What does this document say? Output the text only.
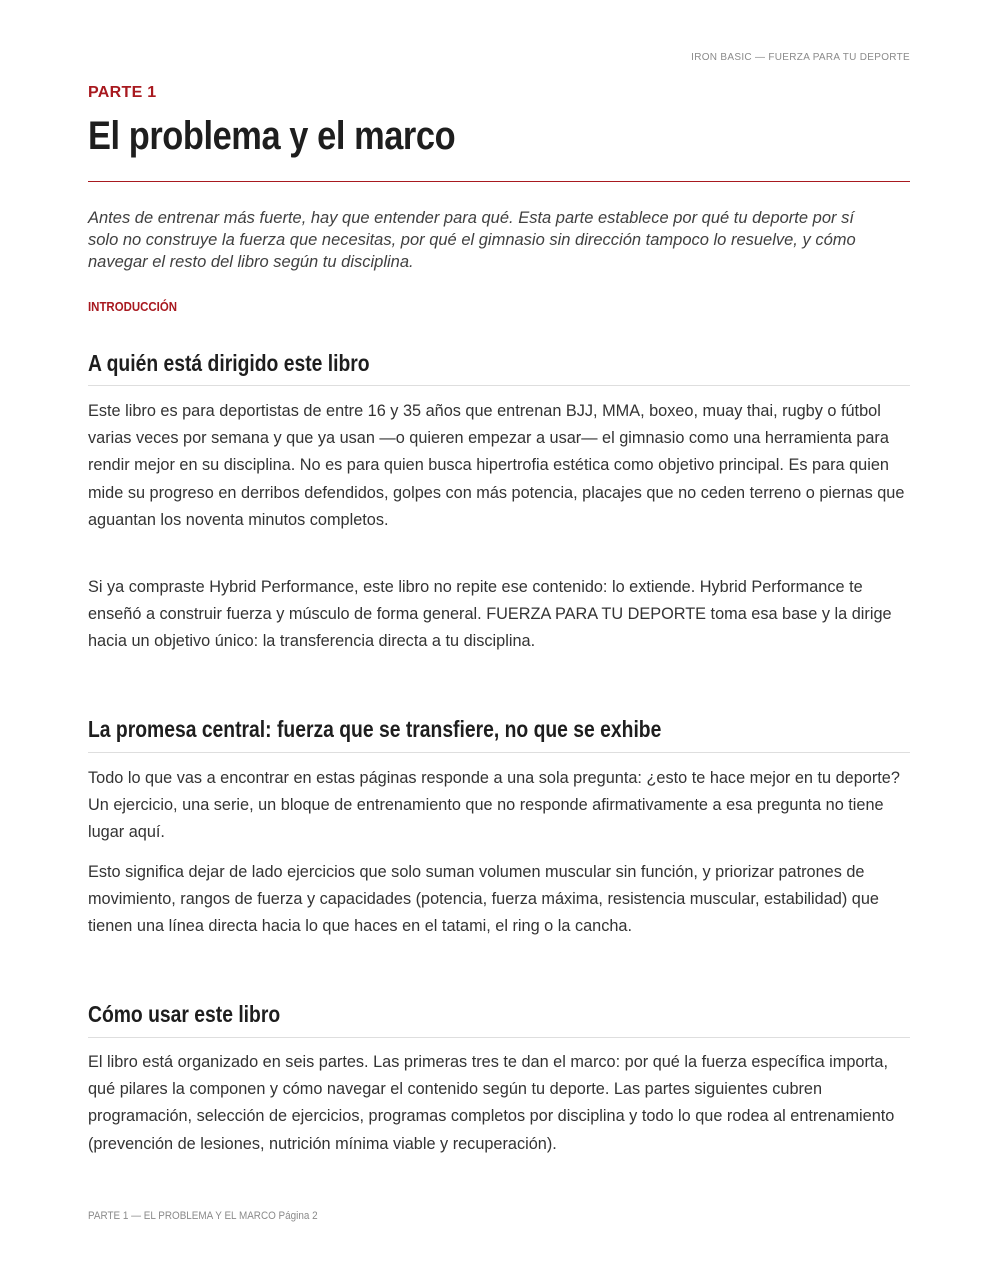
IRON BASIC — FUERZA PARA TU DEPORTE
PARTE 1
El problema y el marco

Antes de entrenar más fuerte, hay que entender para qué. Esta parte establece por qué tu deporte por sí solo no construye la fuerza que necesitas, por qué el gimnasio sin dirección tampoco lo resuelve, y cómo navegar el resto del libro según tu disciplina.

INTRODUCCIÓN
A quién está dirigido este libro

Este libro es para deportistas de entre 16 y 35 años que entrenan BJJ, MMA, boxeo, muay thai, rugby o fútbol varias veces por semana y que ya usan —o quieren empezar a usar— el gimnasio como una herramienta para rendir mejor en su disciplina. No es para quien busca hipertrofia estética como objetivo principal. Es para quien mide su progreso en derribos defendidos, golpes con más potencia, placajes que no ceden terreno o piernas que aguantan los noventa minutos completos.

Si ya compraste Hybrid Performance, este libro no repite ese contenido: lo extiende. Hybrid Performance te enseñó a construir fuerza y músculo de forma general. FUERZA PARA TU DEPORTE toma esa base y la dirige hacia un objetivo único: la transferencia directa a tu disciplina.

La promesa central: fuerza que se transfiere, no que se exhibe

Todo lo que vas a encontrar en estas páginas responde a una sola pregunta: ¿esto te hace mejor en tu deporte? Un ejercicio, una serie, un bloque de entrenamiento que no responde afirmativamente a esa pregunta no tiene lugar aquí.

Esto significa dejar de lado ejercicios que solo suman volumen muscular sin función, y priorizar patrones de movimiento, rangos de fuerza y capacidades (potencia, fuerza máxima, resistencia muscular, estabilidad) que tienen una línea directa hacia lo que haces en el tatami, el ring o la cancha.

Cómo usar este libro

El libro está organizado en seis partes. Las primeras tres te dan el marco: por qué la fuerza específica importa, qué pilares la componen y cómo navegar el contenido según tu deporte. Las partes siguientes cubren programación, selección de ejercicios, programas completos por disciplina y todo lo que rodea al entrenamiento (prevención de lesiones, nutrición mínima viable y recuperación).

PARTE 1 — EL PROBLEMA Y EL MARCO Página 2
